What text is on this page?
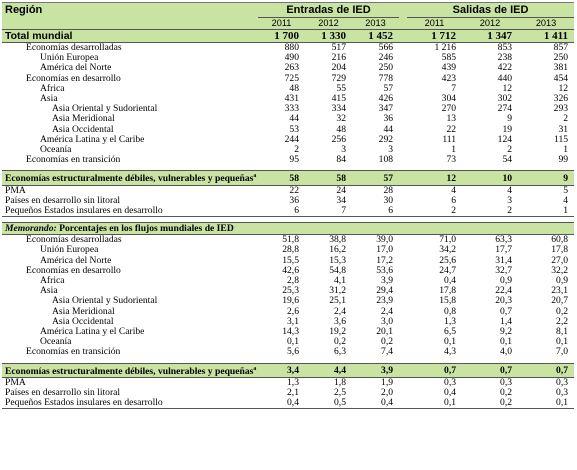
Región	Entradas de IED				Salidas de IED		
	2011	2012	2013		2011	2012	2013
Total mundial	1 700	1 330	1 452		1 712	1 347	1 411
Economías desarrolladas	880	517	566		1 216	853	857
Unión Europea	490	216	246		585	238	250
América del Norte	263	204	250		439	422	381
Economías en desarrollo	725	729	778		423	440	454
África	48	55	57		7	12	12
Asia	431	415	426		304	302	326
Asia Oriental y Sudoriental	333	334	347		270	274	293
Asia Meridional	44	32	36		13	9	2
Asia Occidental	53	48	44		22	19	31
América Latina y el Caribe	244	256	292		111	124	115
Oceanía	2	3	3		1	2	1
Economías en transición	95	84	108		73	54	99

Economías estructuralmente débiles, vulnerables y pequeñas$^a$	58	58	57		12	10	9
PMA	22	24	28		4	4	5
Países en desarrollo sin litoral	36	34	30		6	3	4
Pequeños Estados insulares en desarrollo	6	7	6		2	2	1

Memorando: Porcentajes en los flujos mundiales de IED							
Economías desarrolladas	51,8	38,8	39,0		71,0	63,3	60,8
Unión Europea	28,8	16,2	17,0		34,2	17,7	17,8
América del Norte	15,5	15,3	17,2		25,6	31,4	27,0
Economías en desarrollo	42,6	54,8	53,6		24,7	32,7	32,2
África	2,8	4,1	3,9		0,4	0,9	0,9
Asia	25,3	31,2	29,4		17,8	22,4	23,1
Asia Oriental y Sudoriental	19,6	25,1	23,9		15,8	20,3	20,7
Asia Meridional	2,6	2,4	2,4		0,8	0,7	0,2
Asia Occidental	3,1	3,6	3,0		1,3	1,4	2,2
América Latina y el Caribe	14,3	19,2	20,1		6,5	9,2	8,1
Oceanía	0,1	0,2	0,2		0,1	0,1	0,1
Economías en transición	5,6	6,3	7,4		4,3	4,0	7,0

Economías estructuralmente débiles, vulnerables y pequeñas$^a$	3,4	4,4	3,9		0,7	0,7	0,7
PMA	1,3	1,8	1,9		0,3	0,3	0,3
Países en desarrollo sin litoral	2,1	2,5	2,0		0,4	0,2	0,3
Pequeños Estados insulares en desarrollo	0,4	0,5	0,4		0,1	0,2	0,1
